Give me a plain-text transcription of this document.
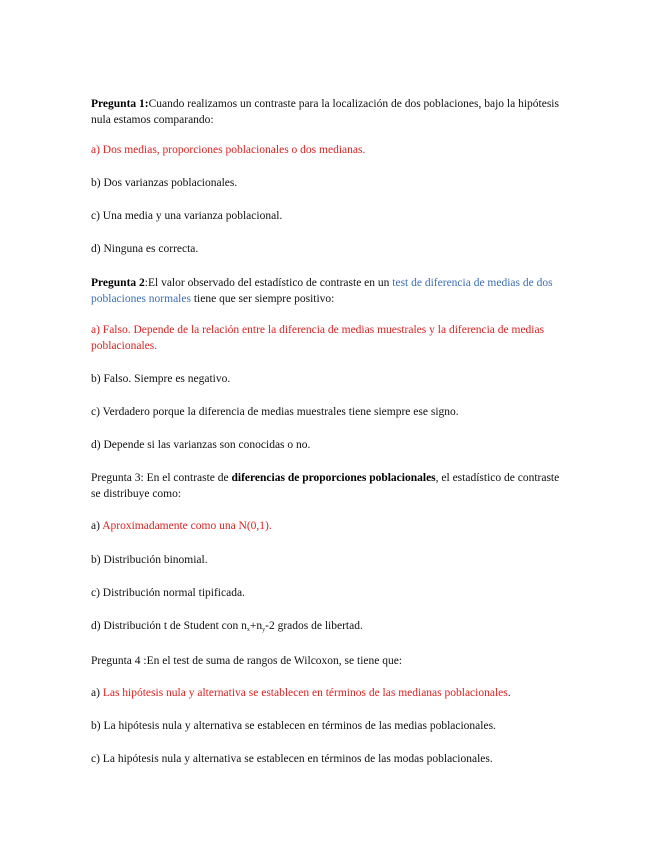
Pregunta 1:Cuando realizamos un contraste para la localización de dos poblaciones, bajo la hipótesis nula estamos comparando:

a) Dos medias, proporciones poblacionales o dos medianas.

b) Dos varianzas poblacionales.

c) Una media y una varianza poblacional.

d) Ninguna es correcta.

Pregunta 2:El valor observado del estadístico de contraste en un test de diferencia de medias de dos poblaciones normales tiene que ser siempre positivo:

a) Falso. Depende de la relación entre la diferencia de medias muestrales y la diferencia de medias poblacionales.

b) Falso. Siempre es negativo.

c) Verdadero porque la diferencia de medias muestrales tiene siempre ese signo.

d) Depende si las varianzas son conocidas o no.

Pregunta 3: En el contraste de diferencias de proporciones poblacionales, el estadístico de contraste se distribuye como:

a) Aproximadamente como una N(0,1).

b) Distribución binomial.

c) Distribución normal tipificada.

d) Distribución t de Student con $n_x+n_y-2$ grados de libertad.

Pregunta 4 :En el test de suma de rangos de Wilcoxon, se tiene que:

a) Las hipótesis nula y alternativa se establecen en términos de las medianas poblacionales.

b) La hipótesis nula y alternativa se establecen en términos de las medias poblacionales.

c) La hipótesis nula y alternativa se establecen en términos de las modas poblacionales.
